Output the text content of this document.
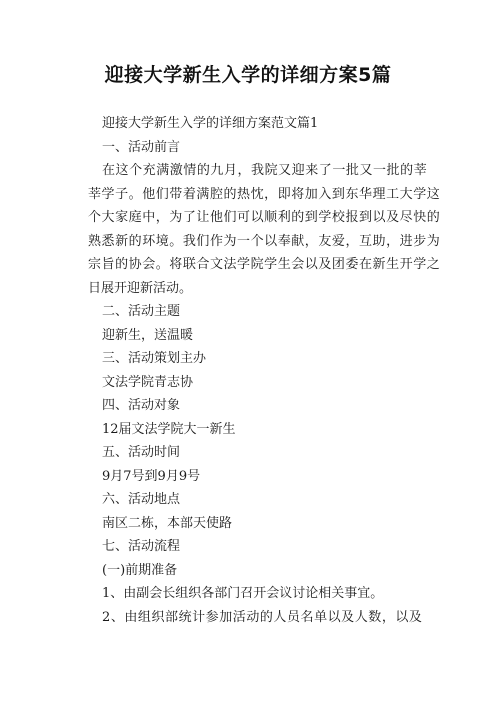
迎接大学新生入学的详细方案5篇
迎接大学新生入学的详细方案范文篇1
一、活动前言
在这个充满激情的九月，我院又迎来了一批又一批的莘
莘学子。他们带着满腔的热忱，即将加入到东华理工大学这
个大家庭中，为了让他们可以顺利的到学校报到以及尽快的
熟悉新的环境。我们作为一个以奉献，友爱，互助，进步为
宗旨的协会。将联合文法学院学生会以及团委在新生开学之
日展开迎新活动。
二、活动主题
迎新生，送温暖
三、活动策划主办
文法学院青志协
四、活动对象
12届文法学院大一新生
五、活动时间
9月7号到9月9号
六、活动地点
南区二栋，本部天使路
七、活动流程
(一)前期准备
1、由副会长组织各部门召开会议讨论相关事宜。
2、由组织部统计参加活动的人员名单以及人数，以及
